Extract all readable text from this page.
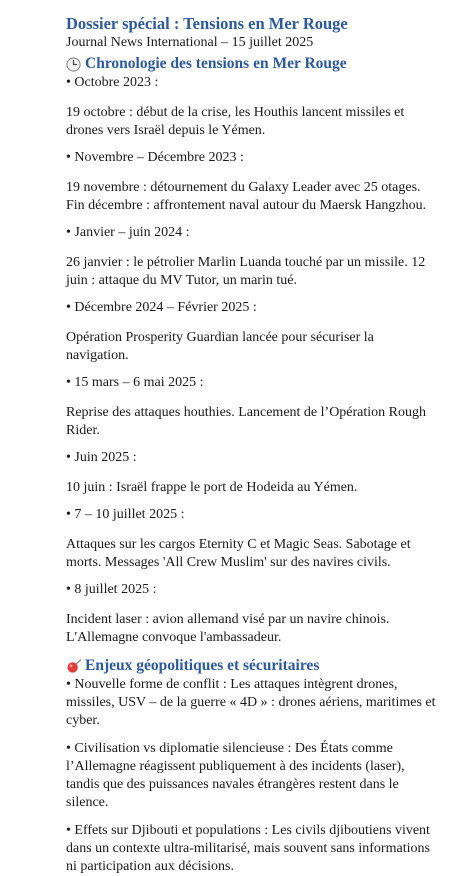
Dossier spécial : Tensions en Mer Rouge

Journal News International – 15 juillet 2025

Chronologie des tensions en Mer Rouge

• Octobre 2023 :

19 octobre : début de la crise, les Houthis lancent missiles et drones vers Israël depuis le Yémen.

• Novembre – Décembre 2023 :

19 novembre : détournement du Galaxy Leader avec 25 otages. Fin décembre : affrontement naval autour du Maersk Hangzhou.

• Janvier – juin 2024 :

26 janvier : le pétrolier Marlin Luanda touché par un missile. 12 juin : attaque du MV Tutor, un marin tué.

• Décembre 2024 – Février 2025 :

Opération Prosperity Guardian lancée pour sécuriser la navigation.

• 15 mars – 6 mai 2025 :

Reprise des attaques houthies. Lancement de l’Opération Rough Rider.

• Juin 2025 :

10 juin : Israël frappe le port de Hodeida au Yémen.

• 7 – 10 juillet 2025 :

Attaques sur les cargos Eternity C et Magic Seas. Sabotage et morts. Messages 'All Crew Muslim' sur des navires civils.

• 8 juillet 2025 :

Incident laser : avion allemand visé par un navire chinois. L'Allemagne convoque l'ambassadeur.

Enjeux géopolitiques et sécuritaires

• Nouvelle forme de conflit : Les attaques intègrent drones, missiles, USV – de la guerre « 4D » : drones aériens, maritimes et cyber.

• Civilisation vs diplomatie silencieuse : Des États comme l’Allemagne réagissent publiquement à des incidents (laser), tandis que des puissances navales étrangères restent dans le silence.

• Effets sur Djibouti et populations : Les civils djiboutiens vivent dans un contexte ultra-militarisé, mais souvent sans informations ni participation aux décisions.
